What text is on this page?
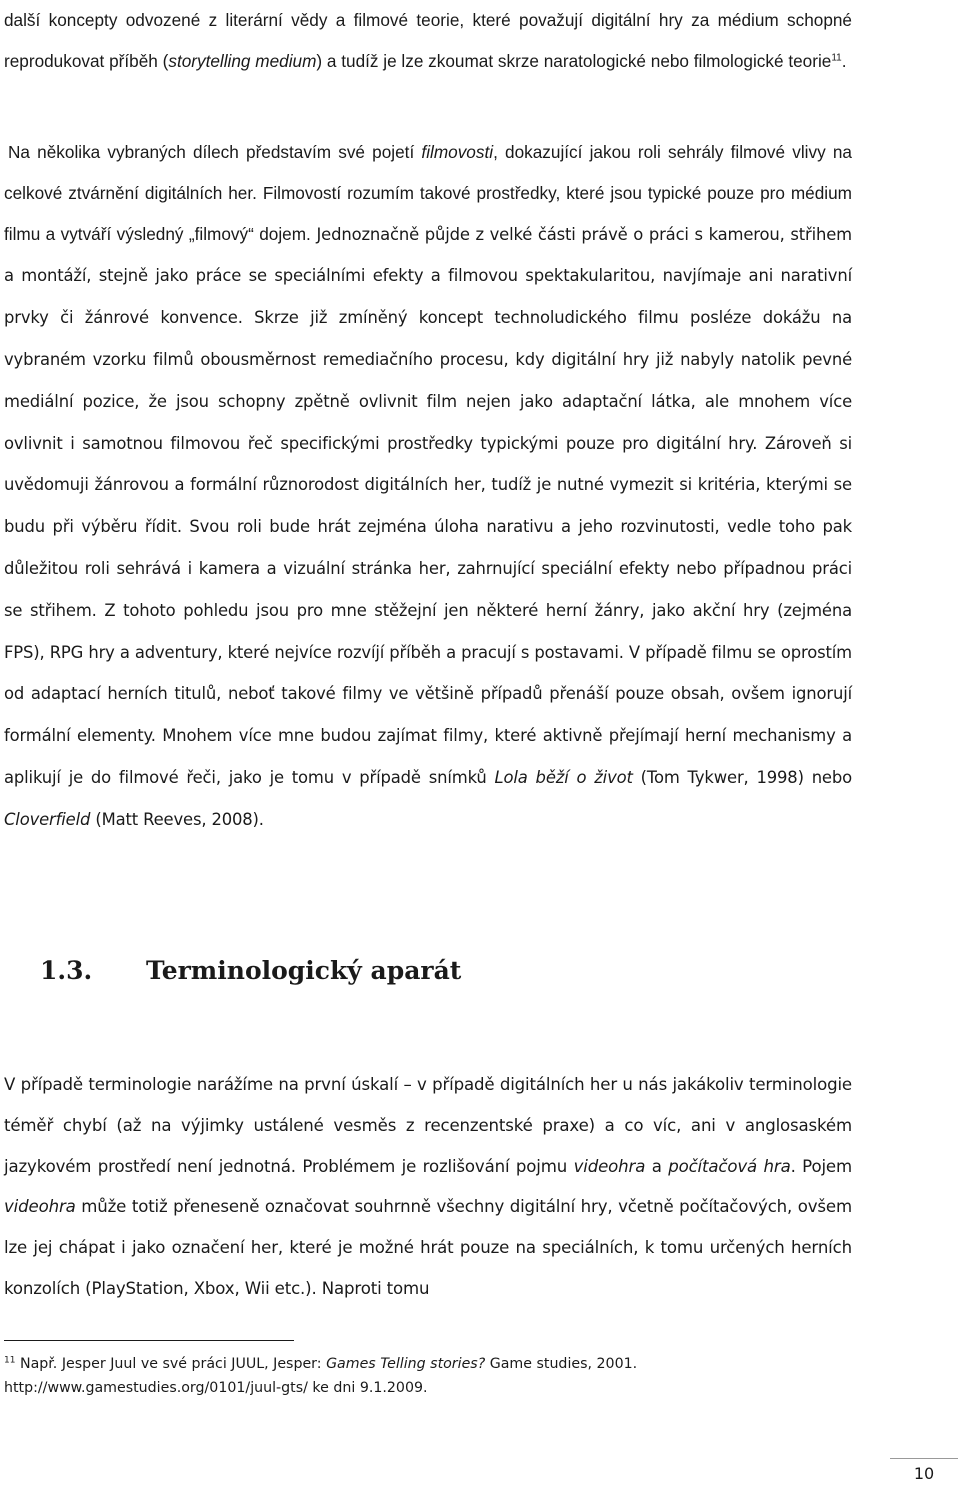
další koncepty odvozené z literární vědy a filmové teorie, které považují digitální hry za médium schopné reprodukovat příběh (storytelling medium) a tudíž je lze zkoumat skrze naratologické nebo filmologické teorie$^{11}$.

Na několika vybraných dílech představím své pojetí filmovosti, dokazující jakou roli sehrály filmové vlivy na celkové ztvárnění digitálních her. Filmovostí rozumím takové prostředky, které jsou typické pouze pro médium filmu a vytváří výsledný „filmový“ dojem. Jednoznačně půjde z velké části právě o práci s kamerou, střihem a montáží, stejně jako práce se speciálními efekty a filmovou spektakularitou, navjímaje ani narativní prvky či žánrové konvence. Skrze již zmíněný koncept technoludického filmu posléze dokážu na vybraném vzorku filmů obousměrnost remediačního procesu, kdy digitální hry již nabyly natolik pevné mediální pozice, že jsou schopny zpětně ovlivnit film nejen jako adaptační látka, ale mnohem více ovlivnit i samotnou filmovou řeč specifickými prostředky typickými pouze pro digitální hry. Zároveň si uvědomuji žánrovou a formální různorodost digitálních her, tudíž je nutné vymezit si kritéria, kterými se budu při výběru řídit. Svou roli bude hrát zejména úloha narativu a jeho rozvinutosti, vedle toho pak důležitou roli sehrává i kamera a vizuální stránka her, zahrnující speciální efekty nebo případnou práci se střihem. Z tohoto pohledu jsou pro mne stěžejní jen některé herní žánry, jako akční hry (zejména FPS), RPG hry a adventury, které nejvíce rozvíjí příběh a pracují s postavami. V případě filmu se oprostím od adaptací herních titulů, neboť takové filmy ve většině případů přenáší pouze obsah, ovšem ignorují formální elementy. Mnohem více mne budou zajímat filmy, které aktivně přejímají herní mechanismy a aplikují je do filmové řeči, jako je tomu v případě snímků Lola běží o život (Tom Tykwer, 1998) nebo Cloverfield (Matt Reeves, 2008).

1.3. Terminologický aparát

V případě terminologie narážíme na první úskalí – v případě digitálních her u nás jakákoliv terminologie téměř chybí (až na výjimky ustálené vesměs z recenzentské praxe) a co víc, ani v anglosaském jazykovém prostředí není jednotná. Problémem je rozlišování pojmu videohra a počítačová hra. Pojem videohra může totiž přeneseně označovat souhrnně všechny digitální hry, včetně počítačových, ovšem lze jej chápat i jako označení her, které je možné hrát pouze na speciálních, k tomu určených herních konzolích (PlayStation, Xbox, Wii etc.). Naproti tomu

$^{11}$ Např. Jesper Juul ve své práci JUUL, Jesper: Games Telling stories? Game studies, 2001.
http://www.gamestudies.org/0101/juul-gts/ ke dni 9.1.2009.

10
